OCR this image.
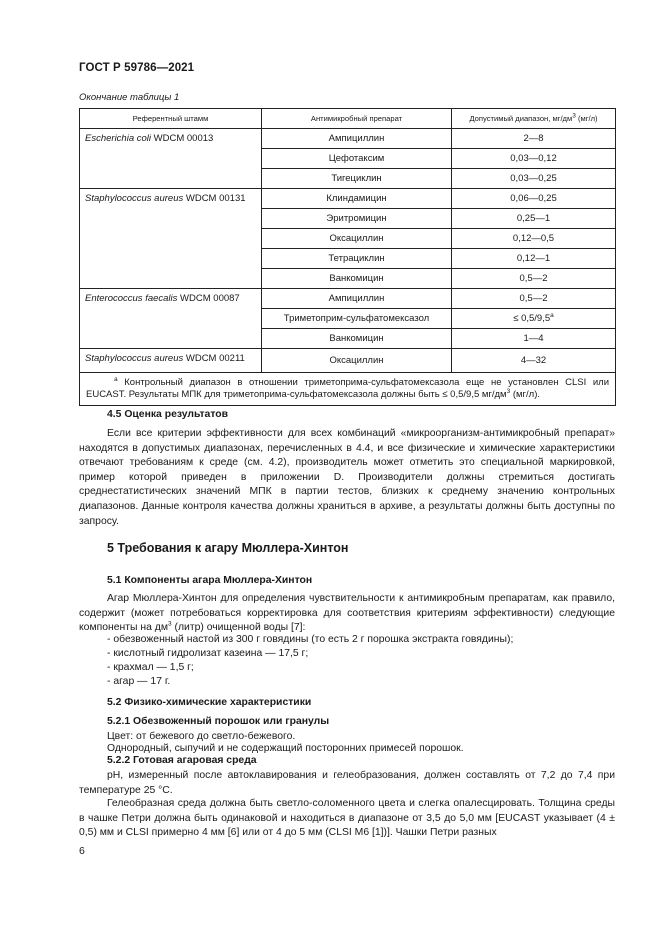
ГОСТ Р 59786—2021
Окончание таблицы 1
Референтный штамм	Антимикробный препарат	Допустимый диапазон, $мг/дм^3$ (мг/л)
Escherichia coli WDCM 00013	Ампициллин	2—8
	Цефотаксим	0,03—0,12
	Тигециклин	0,03—0,25
Staphylococcus aureus WDCM 00131	Клиндамицин	0,06—0,25
	Эритромицин	0,25—1
	Оксациллин	0,12—0,5
	Тетрациклин	0,12—1
	Ванкомицин	0,5—2
Enterococcus faecalis WDCM 00087	Ампициллин	0,5—2
	Триметоприм-сульфатомексазол	≤ 0,5/9,5$^a$
	Ванкомицин	1—4
Staphylococcus aureus WDCM 00211	Оксациллин	4—32
$^a$ Контрольный диапазон в отношении триметоприма-сульфатомексазола еще не установлен CLSI или EUCAST. Результаты МПК для триметоприма-сульфатомексазола должны быть ≤ 0,5/9,5 $мг/дм^3$ (мг/л).		
4.5 Оценка результатов
Если все критерии эффективности для всех комбинаций «микроорганизм-антимикробный препарат» находятся в допустимых диапазонах, перечисленных в 4.4, и все физические и химические характеристики отвечают требованиям к среде (см. 4.2), производитель может отметить это специальной маркировкой, пример которой приведен в приложении D. Производители должны стремиться достигать среднестатистических значений МПК в партии тестов, близких к среднему значению контрольных диапазонов. Данные контроля качества должны храниться в архиве, а результаты должны быть доступны по запросу.
5 Требования к агару Мюллера-Хинтон
5.1 Компоненты агара Мюллера-Хинтон
Агар Мюллера-Хинтон для определения чувствительности к антимикробным препаратам, как правило, содержит (может потребоваться корректировка для соответствия критериям эффективности) следующие компоненты на $дм^3$ (литр) очищенной воды [7]:
- обезвоженный настой из 300 г говядины (то есть 2 г порошка экстракта говядины);
- кислотный гидролизат казеина — 17,5 г;
- крахмал — 1,5 г;
- агар — 17 г.
5.2 Физико-химические характеристики
5.2.1 Обезвоженный порошок или гранулы
Цвет: от бежевого до светло-бежевого.
Однородный, сыпучий и не содержащий посторонних примесей порошок.
5.2.2 Готовая агаровая среда
pH, измеренный после автоклавирования и гелеобразования, должен составлять от 7,2 до 7,4 при температуре 25 °С.
Гелеобразная среда должна быть светло-соломенного цвета и слегка опалесцировать. Толщина среды в чашке Петри должна быть одинаковой и находиться в диапазоне от 3,5 до 5,0 мм [EUCAST указывает (4 ± 0,5) мм и CLSI примерно 4 мм [6] или от 4 до 5 мм (CLSI M6 [1])]. Чашки Петри разных
6
